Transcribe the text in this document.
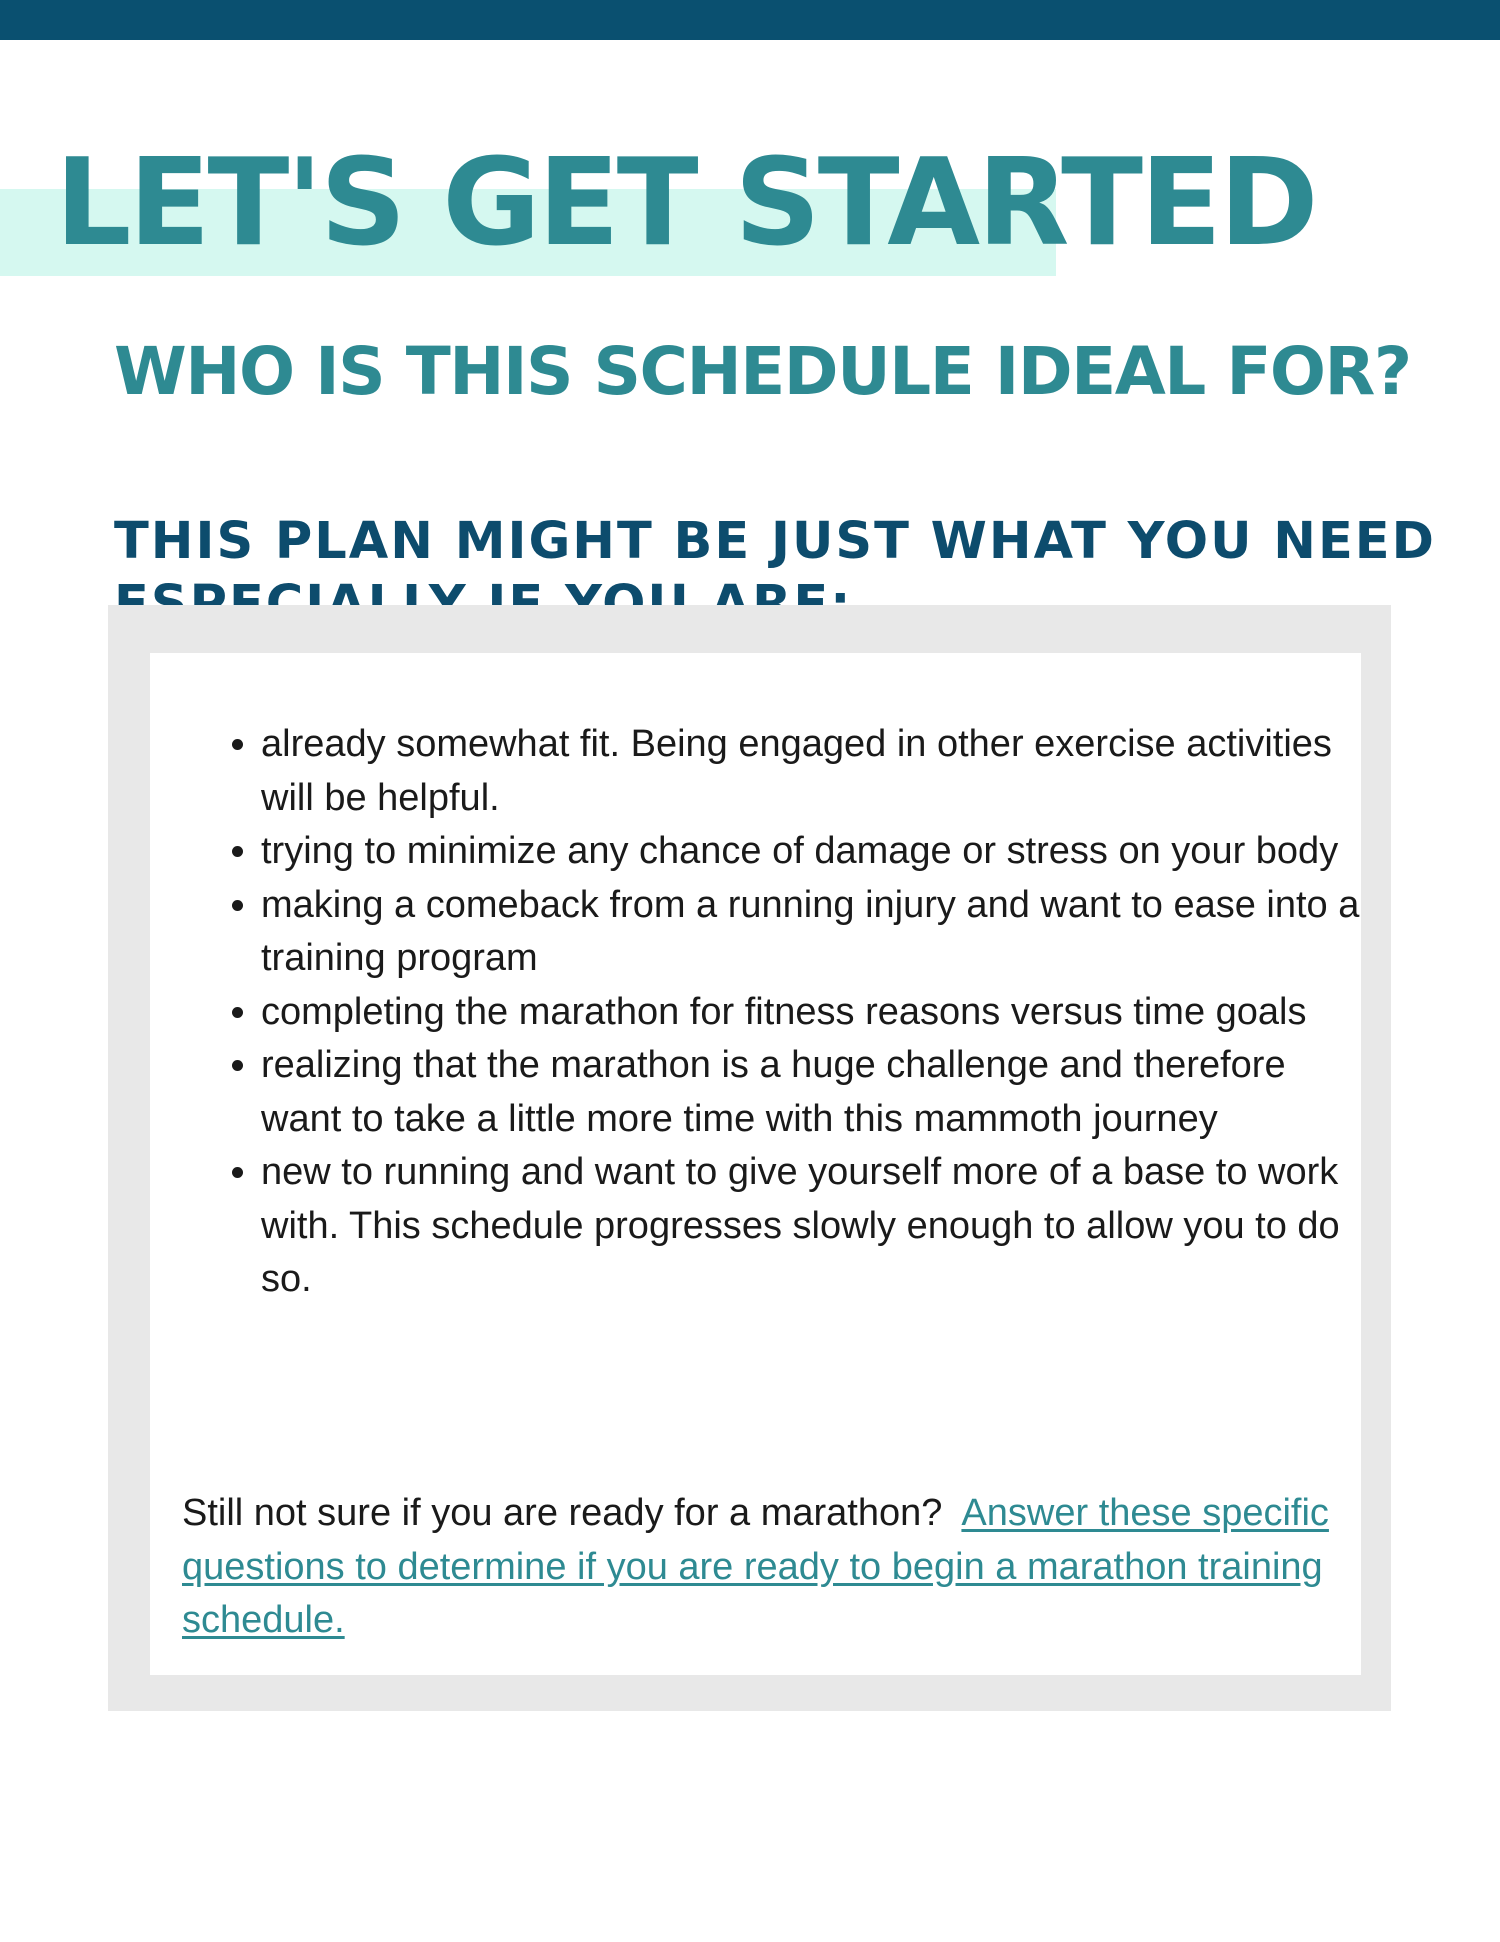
LET'S GET STARTED
WHO IS THIS SCHEDULE IDEAL FOR?
THIS PLAN MIGHT BE JUST WHAT YOU NEED
• already somewhat fit. Being engaged in other exercise activities will be helpful.
• trying to minimize any chance of damage or stress on your body
• making a comeback from a running injury and want to ease into a training program
• completing the marathon for fitness reasons versus time goals
• realizing that the marathon is a huge challenge and therefore want to take a little more time with this mammoth journey
• new to running and want to give yourself more of a base to work with. This schedule progresses slowly enough to allow you to do so.

Still not sure if you are ready for a marathon? Answer these specific questions to determine if you are ready to begin a marathon training schedule.
